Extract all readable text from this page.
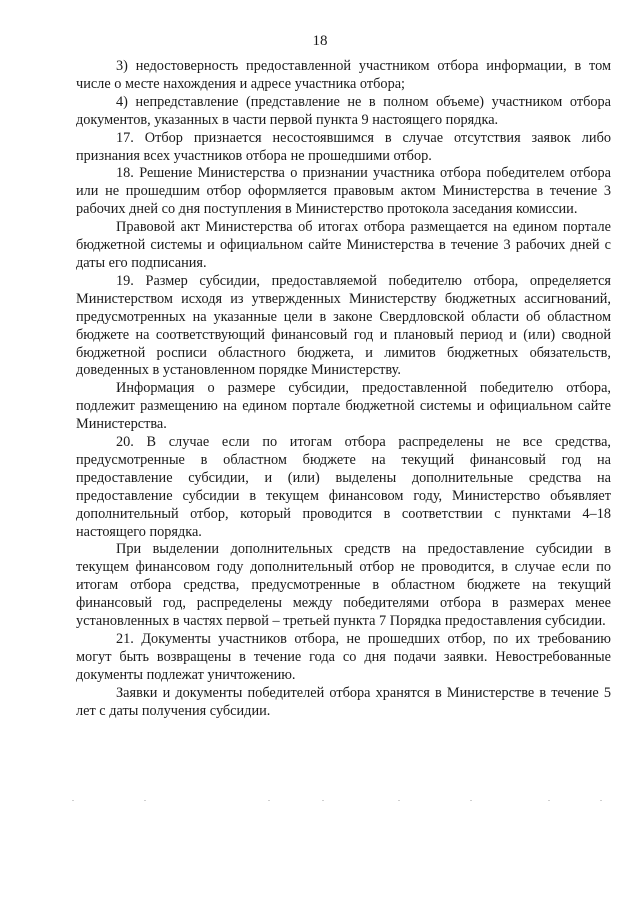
18

3) недостоверность предоставленной участником отбора информации, в том числе о месте нахождения и адресе участника отбора;

4) непредставление (представление не в полном объеме) участником отбора документов, указанных в части первой пункта 9 настоящего порядка.

17. Отбор признается несостоявшимся в случае отсутствия заявок либо признания всех участников отбора не прошедшими отбор.

18. Решение Министерства о признании участника отбора победителем отбора или не прошедшим отбор оформляется правовым актом Министерства в течение 3 рабочих дней со дня поступления в Министерство протокола заседания комиссии.

Правовой акт Министерства об итогах отбора размещается на едином портале бюджетной системы и официальном сайте Министерства в течение 3 рабочих дней с даты его подписания.

19. Размер субсидии, предоставляемой победителю отбора, определяется Министерством исходя из утвержденных Министерству бюджетных ассигнований, предусмотренных на указанные цели в законе Свердловской области об областном бюджете на соответствующий финансовый год и плановый период и (или) сводной бюджетной росписи областного бюджета, и лимитов бюджетных обязательств, доведенных в установленном порядке Министерству.

Информация о размере субсидии, предоставленной победителю отбора, подлежит размещению на едином портале бюджетной системы и официальном сайте Министерства.

20. В случае если по итогам отбора распределены не все средства, предусмотренные в областном бюджете на текущий финансовый год на предоставление субсидии, и (или) выделены дополнительные средства на предоставление субсидии в текущем финансовом году, Министерство объявляет дополнительный отбор, который проводится в соответствии с пунктами 4–18 настоящего порядка.

При выделении дополнительных средств на предоставление субсидии в текущем финансовом году дополнительный отбор не проводится, в случае если по итогам отбора средства, предусмотренные в областном бюджете на текущий финансовый год, распределены между победителями отбора в размерах менее установленных в частях первой – третьей пункта 7 Порядка предоставления субсидии.

21. Документы участников отбора, не прошедших отбор, по их требованию могут быть возвращены в течение года со дня подачи заявки. Невостребованные документы подлежат уничтожению.

Заявки и документы победителей отбора хранятся в Министерстве в течение 5 лет с даты получения субсидии.
